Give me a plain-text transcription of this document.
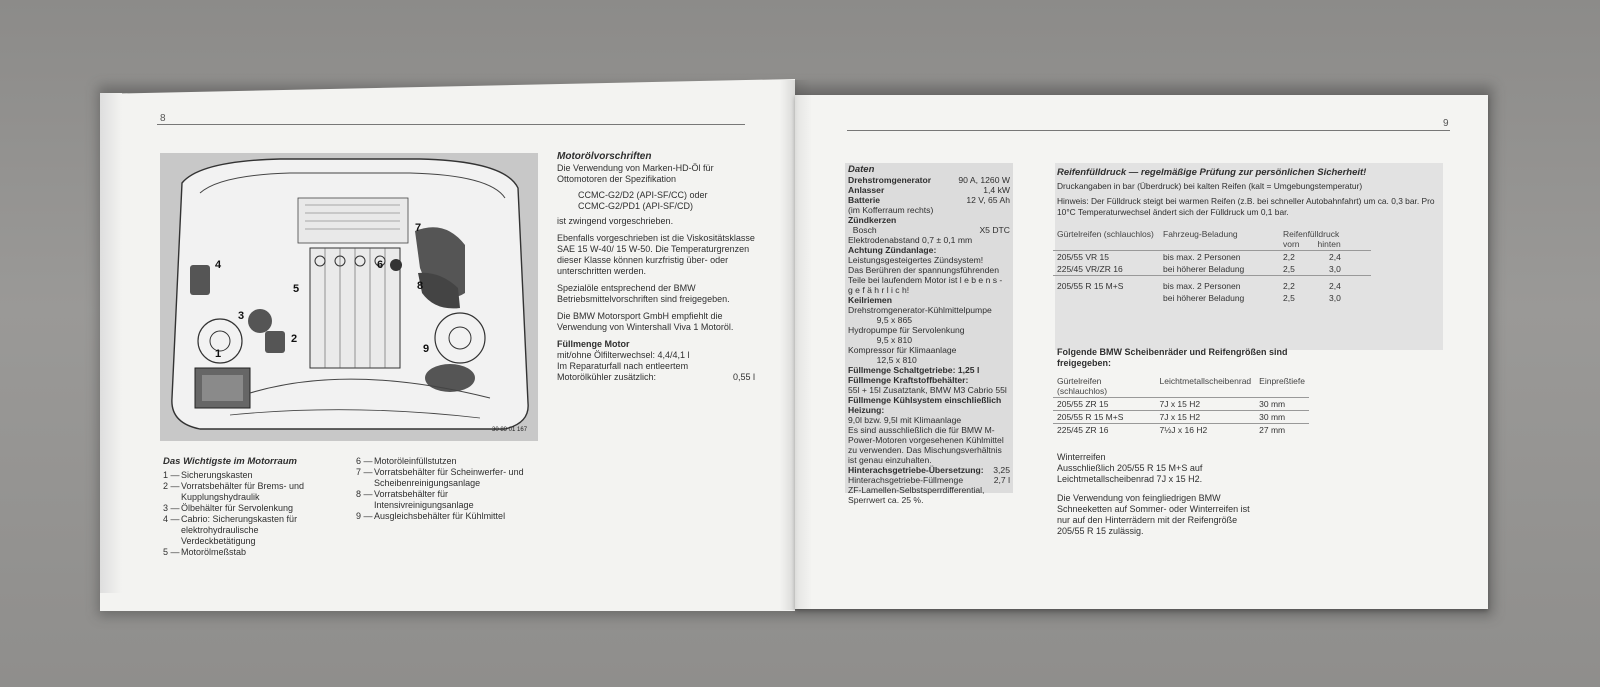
8
1
2
3
4
5
6
7
8
9
30 89 01 167
Das Wichtigste im Motorraum
1 — Sicherungskasten
2 — Vorratsbehälter für Brems- und Kupplungshydraulik
3 — Ölbehälter für Servolenkung
4 — Cabrio: Sicherungskasten für elektrohydraulische Verdeckbetätigung
5 — Motorölmeßstab
6 — Motoröleinfüllstutzen
7 — Vorratsbehälter für Scheinwerfer- und Scheibenreinigungsanlage
8 — Vorratsbehälter für Intensivreinigungsanlage
9 — Ausgleichsbehälter für Kühlmittel
Motorölvorschriften
Die Verwendung von Marken-HD-Öl für Ottomotoren der Spezifikation
CCMC-G2/D2 (API-SF/CC) oder
CCMC-G2/PD1 (API-SF/CD)
ist zwingend vorgeschrieben.
Ebenfalls vorgeschrieben ist die Viskositätsklasse SAE 15 W-40/ 15 W-50. Die Temperaturgrenzen dieser Klasse können kurzfristig über- oder unterschritten werden.
Spezialöle entsprechend der BMW Betriebsmittelvorschriften sind freigegeben.
Die BMW Motorsport GmbH empfiehlt die Verwendung von Wintershall Viva 1 Motoröl.
Füllmenge Motor
mit/ohne Ölfilterwechsel: 4,4/4,1 l
Im Reparaturfall nach entleertem Motorölkühler zusätzlich:	0,55 l
9
Daten
Drehstromgenerator	90 A, 1260 W
Anlasser	1,4 kW
Batterie	12 V, 65 Ah
(im Kofferraum rechts)
Zündkerzen
Bosch	X5 DTC
Elektrodenabstand 0,7 ± 0,1 mm
Achtung Zündanlage:
Leistungsgesteigertes Zündsystem!
Das Berühren der spannungsführenden Teile bei laufendem Motor ist l e b e n s -
g e f ä h r l i c h!
Keilriemen
Drehstromgenerator-Kühlmittelpumpe
9,5 x 865
Hydropumpe für Servolenkung
9,5 x 810
Kompressor für Klimaanlage
12,5 x 810
Füllmenge Schaltgetriebe: 1,25 l
Füllmenge Kraftstoffbehälter:
55l + 15l Zusatztank, BMW M3 Cabrio 55l
Füllmenge Kühlsystem einschließlich Heizung:
9,0l bzw. 9,5l mit Klimaanlage
Es sind ausschließlich die für BMW M-Power-Motoren vorgesehenen Kühlmittel zu verwenden. Das Mischungsverhältnis ist genau einzuhalten.
Hinterachsgetriebe-Übersetzung: 3,25
Hinterachsgetriebe-Füllmenge	2,7 l
ZF-Lamellen-Selbstsperrdifferential,
Sperrwert ca. 25 %.
Reifenfülldruck — regelmäßige Prüfung zur persönlichen Sicherheit!
Druckangaben in bar (Überdruck) bei kalten Reifen (kalt = Umgebungstemperatur)
Hinweis: Der Fülldruck steigt bei warmen Reifen (z.B. bei schneller Autobahnfahrt) um ca. 0,3 bar. Pro 10°C Temperaturwechsel ändert sich der Fülldruck um 0,1 bar.
Gürtelreifen (schlauchlos)	Fahrzeug-Beladung	Reifenfülldruck
vorn hinten	

205/55 VR 15	bis max. 2 Personen	2,2	2,4
225/45 VR/ZR 16	bei höherer Beladung	2,5	3,0
205/55 R 15 M+S	bis max. 2 Personen	2,2	2,4
	bei höherer Beladung	2,5	3,0
Folgende BMW Scheibenräder und Reifengrößen sind freigegeben:
Gürtelreifen (schlauchlos)	Leichtmetallscheibenrad	Einpreßtiefe
205/55 ZR 15	7J x 15 H2	30 mm
205/55 R 15 M+S	7J x 15 H2	30 mm
225/45 ZR 16	7½J x 16 H2	27 mm
Winterreifen
Ausschließlich 205/55 R 15 M+S auf Leichtmetallscheibenrad 7J x 15 H2.
Die Verwendung von feingliedrigen BMW Schneeketten auf Sommer- oder Winterreifen ist nur auf den Hinterrädern mit der Reifengröße 205/55 R 15 zulässig.
